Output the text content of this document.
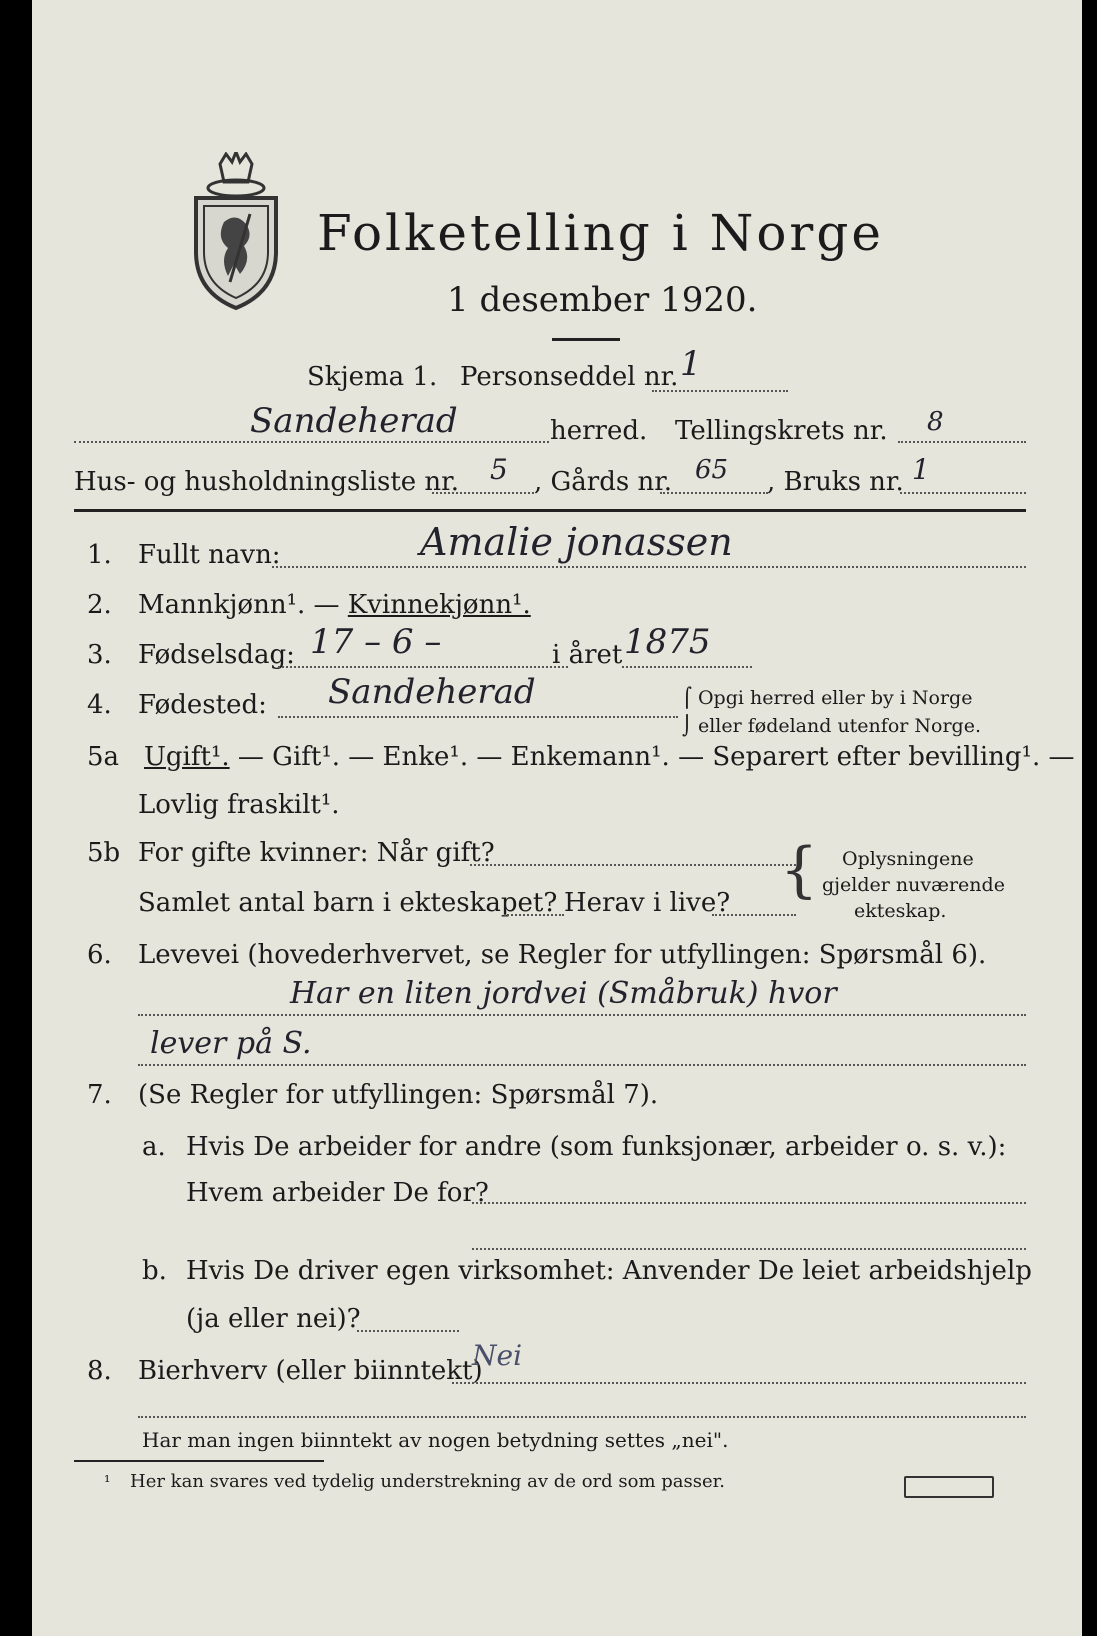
Folketelling i Norge
1 desember 1920.
Skjema 1. Personseddel nr. 1
Sandeherad	herred. Tellingskrets nr. 8
Hus- og husholdningsliste nr. 5 , Gårds nr. 65 , Bruks nr. 1
1. Fullt navn:	Amalie jonassen
2. Mannkjønn¹. — Kvinnekjønn¹.
3. Fødselsdag: 17 – 6 –	i året 1875
4. Fødested: Sandeherad	⌠ Opgi herred eller by i Norge
⌡ eller fødeland utenfor Norge.
5a Ugift¹. — Gift¹. — Enke¹. — Enkemann¹. — Separert efter bevilling¹. —
Lovlig fraskilt¹.
5b For gifte kvinner: Når gift?
Samlet antal barn i ekteskapet? Herav i live? { Oplysningene
gjelder nuværende
ekteskap.
6. Levevei (hovederhvervet, se Regler for utfyllingen: Spørsmål 6).
Har en liten jordvei (Småbruk) hvor
lever på S.
7. (Se Regler for utfyllingen: Spørsmål 7).
a. Hvis De arbeider for andre (som funksjonær, arbeider o. s. v.):
Hvem arbeider De for?
b. Hvis De driver egen virksomhet: Anvender De leiet arbeidshjelp
(ja eller nei)?
8. Bierhverv (eller biinntekt)
Nei
Har man ingen biinntekt av nogen betydning settes „nei".
¹ Her kan svares ved tydelig understrekning av de ord som passer.
